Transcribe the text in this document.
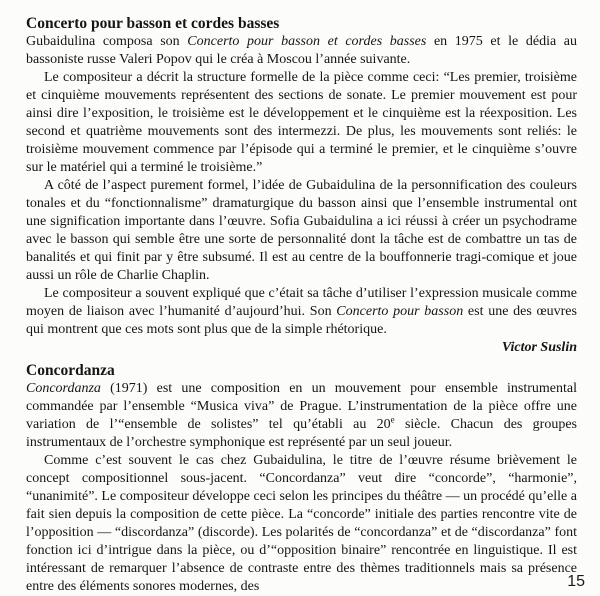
Concerto pour basson et cordes basses

Gubaidulina composa son Concerto pour basson et cordes basses en 1975 et le dédia au bassoniste russe Valeri Popov qui le créa à Moscou l’année suivante.

Le compositeur a décrit la structure formelle de la pièce comme ceci: “Les premier, troisième et cinquième mouvements représentent des sections de sonate. Le premier mouvement est pour ainsi dire l’exposition, le troisième est le développement et le cinquième est la réexposition. Les second et quatrième mouvements sont des intermezzi. De plus, les mouvements sont reliés: le troisième mouvement commence par l’épisode qui a terminé le premier, et le cinquième s’ouvre sur le matériel qui a terminé le troisième.”

A côté de l’aspect purement formel, l’idée de Gubaidulina de la personnification des couleurs tonales et du “fonctionnalisme” dramaturgique du basson ainsi que l’ensemble instrumental ont une signification importante dans l’œuvre. Sofia Gubaidulina a ici réussi à créer un psychodrame avec le basson qui semble être une sorte de personnalité dont la tâche est de combattre un tas de banalités et qui finit par y être subsumé. Il est au centre de la bouffonnerie tragi-comique et joue aussi un rôle de Charlie Chaplin.

Le compositeur a souvent expliqué que c’était sa tâche d’utiliser l’expression musicale comme moyen de liaison avec l’humanité d’aujourd’hui. Son Concerto pour basson est une des œuvres qui montrent que ces mots sont plus que de la simple rhétorique.

Victor Suslin

Concordanza

Concordanza (1971) est une composition en un mouvement pour ensemble instrumental commandée par l’ensemble “Musica viva” de Prague. L’instrumentation de la pièce offre une variation de l’“ensemble de solistes” tel qu’établi au 20e siècle. Chacun des groupes instrumentaux de l’orchestre symphonique est représenté par un seul joueur.

Comme c’est souvent le cas chez Gubaidulina, le titre de l’œuvre résume brièvement le concept compositionnel sous-jacent. “Concordanza” veut dire “concorde”, “harmonie”, “unanimité”. Le compositeur développe ceci selon les principes du théâtre — un procédé qu’elle a fait sien depuis la composition de cette pièce. La “concorde” initiale des parties rencontre vite de l’opposition — “discordanza” (discorde). Les polarités de “concordanza” et de “discordanza” font fonction ici d’intrigue dans la pièce, ou d’“opposition binaire” rencontrée en linguistique. Il est intéressant de remarquer l’absence de contraste entre des thèmes traditionnels mais sa présence entre des éléments sonores modernes, des	15
